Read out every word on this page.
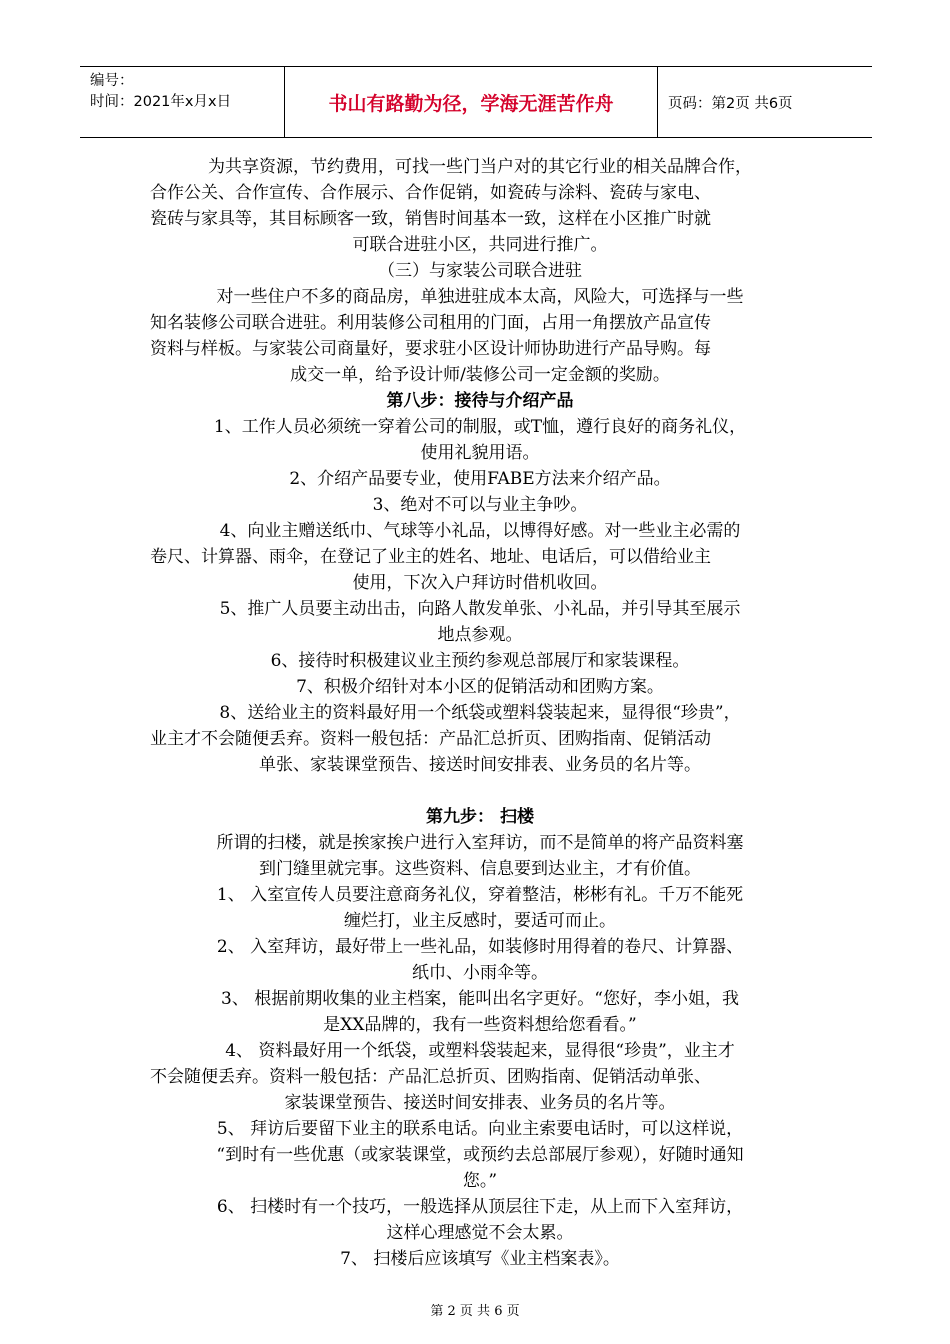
编号：
时间：2021年x月x日	书山有路勤为径，学海无涯苦作舟	页码：第2页 共6页

为共享资源，节约费用，可找一些门当户对的其它行业的相关品牌合作，

合作公关、合作宣传、合作展示、合作促销，如瓷砖与涂料、瓷砖与家电、

瓷砖与家具等，其目标顾客一致，销售时间基本一致，这样在小区推广时就

可联合进驻小区，共同进行推广。

（三）与家装公司联合进驻

对一些住户不多的商品房，单独进驻成本太高，风险大，可选择与一些

知名装修公司联合进驻。利用装修公司租用的门面，占用一角摆放产品宣传

资料与样板。与家装公司商量好，要求驻小区设计师协助进行产品导购。每

成交一单，给予设计师/装修公司一定金额的奖励。

第八步：接待与介绍产品

1、工作人员必须统一穿着公司的制服，或T恤，遵行良好的商务礼仪，

使用礼貌用语。

2、介绍产品要专业，使用FABE方法来介绍产品。

3、绝对不可以与业主争吵。

4、向业主赠送纸巾、气球等小礼品，以博得好感。对一些业主必需的

卷尺、计算器、雨伞，在登记了业主的姓名、地址、电话后，可以借给业主

使用，下次入户拜访时借机收回。

5、推广人员要主动出击，向路人散发单张、小礼品，并引导其至展示

地点参观。

6、接待时积极建议业主预约参观总部展厅和家装课程。

7、积极介绍针对本小区的促销活动和团购方案。

8、送给业主的资料最好用一个纸袋或塑料袋装起来，显得很“珍贵”，

业主才不会随便丢弃。资料一般包括：产品汇总折页、团购指南、促销活动

单张、家装课堂预告、接送时间安排表、业务员的名片等。

第九步： 扫楼

所谓的扫楼，就是挨家挨户进行入室拜访，而不是简单的将产品资料塞

到门缝里就完事。这些资料、信息要到达业主，才有价值。

1、 入室宣传人员要注意商务礼仪，穿着整洁，彬彬有礼。千万不能死

缠烂打，业主反感时，要适可而止。

2、 入室拜访，最好带上一些礼品，如装修时用得着的卷尺、计算器、

纸巾、小雨伞等。

3、 根据前期收集的业主档案，能叫出名字更好。“您好，李小姐，我

是XX品牌的，我有一些资料想给您看看。”

4、 资料最好用一个纸袋，或塑料袋装起来，显得很“珍贵”，业主才

不会随便丢弃。资料一般包括：产品汇总折页、团购指南、促销活动单张、

家装课堂预告、接送时间安排表、业务员的名片等。

5、 拜访后要留下业主的联系电话。向业主索要电话时，可以这样说，

“到时有一些优惠（或家装课堂，或预约去总部展厅参观），好随时通知

您。”

6、 扫楼时有一个技巧，一般选择从顶层往下走，从上而下入室拜访，

这样心理感觉不会太累。

7、 扫楼后应该填写《业主档案表》。

第 2 页 共 6 页
